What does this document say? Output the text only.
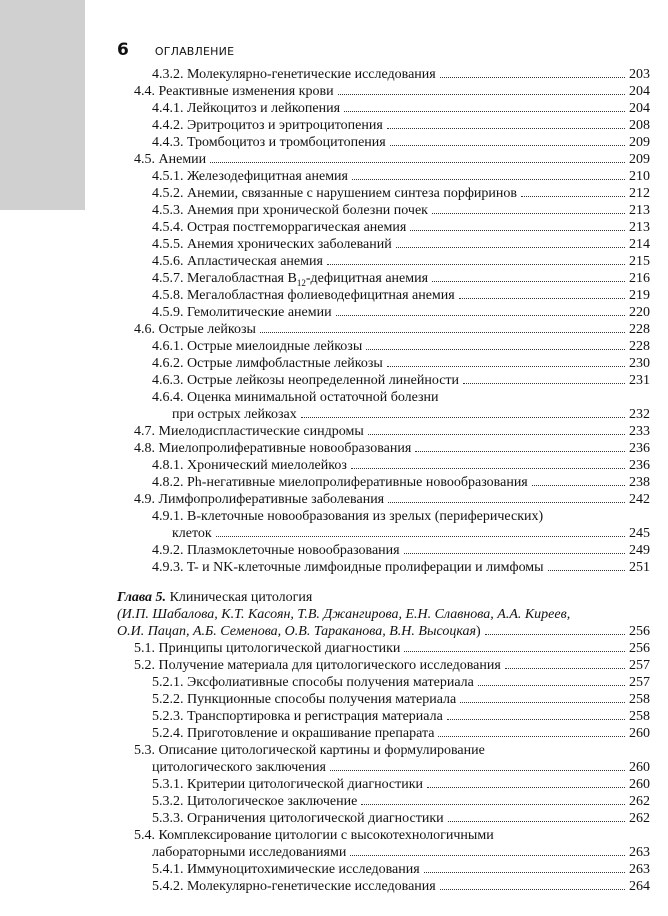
6 ОГЛАВЛЕНИЕ
4.3.2. Молекулярно-генетические исследования	203
4.4. Реактивные изменения крови	204
4.4.1. Лейкоцитоз и лейкопения	204
4.4.2. Эритроцитоз и эритроцитопения	208
4.4.3. Тромбоцитоз и тромбоцитопения	209
4.5. Анемии	209
4.5.1. Железодефицитная анемия	210
4.5.2. Анемии, связанные с нарушением синтеза порфиринов	212
4.5.3. Анемия при хронической болезни почек	213
4.5.4. Острая постгеморрагическая анемия	213
4.5.5. Анемия хронических заболеваний	214
4.5.6. Апластическая анемия	215
4.5.7. Мегалобластная $B_{12}$-дефицитная анемия	216
4.5.8. Мегалобластная фолиеводефицитная анемия	219
4.5.9. Гемолитические анемии	220
4.6. Острые лейкозы	228
4.6.1. Острые миелоидные лейкозы	228
4.6.2. Острые лимфобластные лейкозы	230
4.6.3. Острые лейкозы неопределенной линейности	231
4.6.4. Оценка минимальной остаточной болезни
при острых лейкозах	232
4.7. Миелодиспластические синдромы	233
4.8. Миелопролиферативные новообразования	236
4.8.1. Хронический миелолейкоз	236
4.8.2. Ph-негативные миелопролиферативные новообразования	238
4.9. Лимфопролиферативные заболевания	242
4.9.1. B-клеточные новообразования из зрелых (периферических)
клеток	245
4.9.2. Плазмоклеточные новообразования	249
4.9.3. T- и NK-клеточные лимфоидные пролиферации и лимфомы	251
Глава 5. Клиническая цитология
(И.П. Шабалова, К.Т. Касоян, Т.В. Джангирова, Е.Н. Славнова, А.А. Киреев,
О.И. Пацап, А.Б. Семенова, О.В. Тараканова, В.Н. Высоцкая)	256
5.1. Принципы цитологической диагностики	256
5.2. Получение материала для цитологического исследования	257
5.2.1. Эксфолиативные способы получения материала	257
5.2.2. Пункционные способы получения материала	258
5.2.3. Транспортировка и регистрация материала	258
5.2.4. Приготовление и окрашивание препарата	260
5.3. Описание цитологической картины и формулирование
цитологического заключения	260
5.3.1. Критерии цитологической диагностики	260
5.3.2. Цитологическое заключение	262
5.3.3. Ограничения цитологической диагностики	262
5.4. Комплексирование цитологии с высокотехнологичными
лабораторными исследованиями	263
5.4.1. Иммуноцитохимические исследования	263
5.4.2. Молекулярно-генетические исследования	264
